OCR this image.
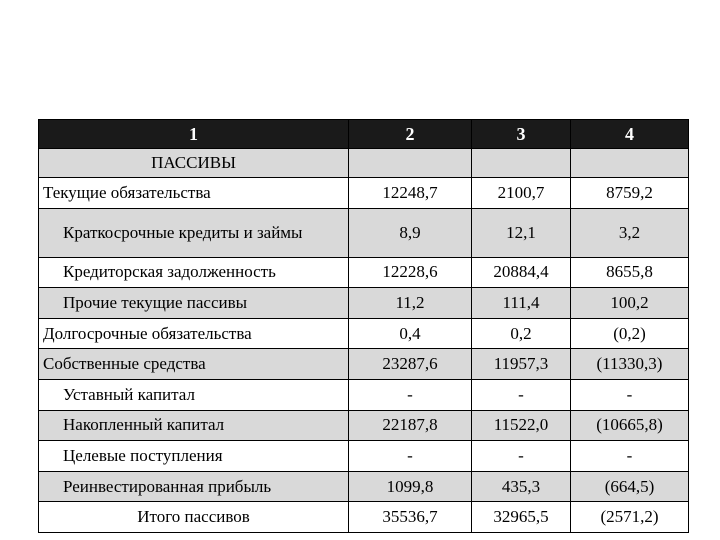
1	2	3	4
ПАССИВЫ			
Текущие обязательства	12248,7	2100,7	8759,2
Краткосрочные кредиты и займы	8,9	12,1	3,2
Кредиторская задолженность	12228,6	20884,4	8655,8
Прочие текущие пассивы	11,2	111,4	100,2
Долгосрочные обязательства	0,4	0,2	(0,2)
Собственные средства	23287,6	11957,3	(11330,3)
Уставный капитал	-	-	-
Накопленный капитал	22187,8	11522,0	(10665,8)
Целевые поступления	-	-	-
Реинвестированная прибыль	1099,8	435,3	(664,5)
Итого пассивов	35536,7	32965,5	(2571,2)
